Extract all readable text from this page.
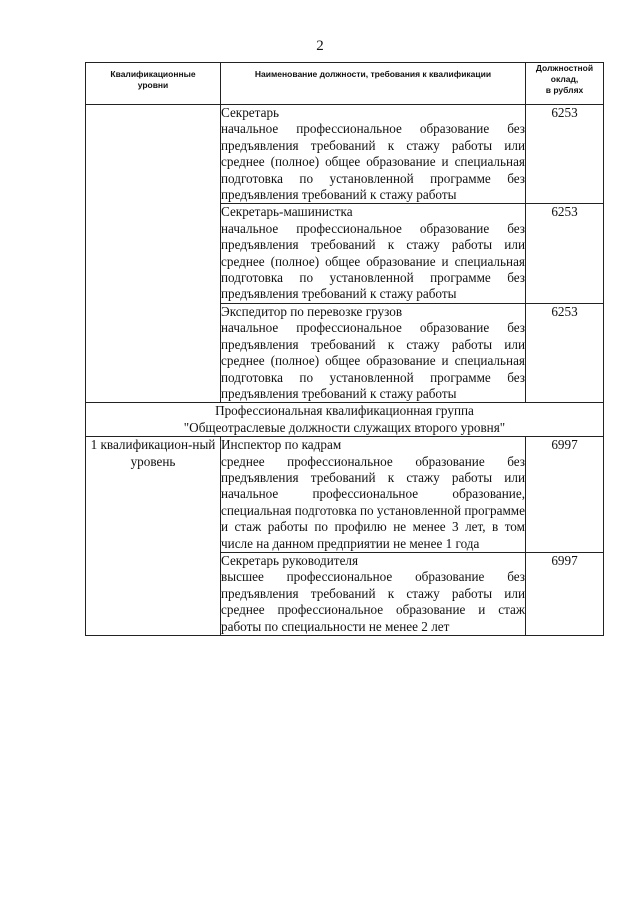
2
Квалификационные
уровни	Наименование должности, требования к квалификации	Должностной
оклад,
в рублях

	Секретарь
начальное профессиональное образование без предъявления требований к стажу работы или среднее (полное) общее образование и специальная подготовка по установленной программе без предъявления требований к стажу работы	6253

	Секретарь-машинистка
начальное профессиональное образование без предъявления требований к стажу работы или среднее (полное) общее образование и специальная подготовка по установленной программе без предъявления требований к стажу работы	6253

	Экспедитор по перевозке грузов
начальное профессиональное образование без предъявления требований к стажу работы или среднее (полное) общее образование и специальная подготовка по установленной программе без предъявления требований к стажу работы	6253
Профессиональная квалификационная группа
"Общеотраслевые должности служащих второго уровня"		
1 квалификацион-ный уровень	Инспектор по кадрам
среднее профессиональное образование без предъявления требований к стажу работы или начальное профессиональное образование, специальная подготовка по установленной программе и стаж работы по профилю не менее 3 лет, в том числе на данном предприятии не менее 1 года	6997

	Секретарь руководителя
высшее профессиональное образование без предъявления требований к стажу работы или среднее профессиональное образование и стаж работы по специальности не менее 2 лет	6997
